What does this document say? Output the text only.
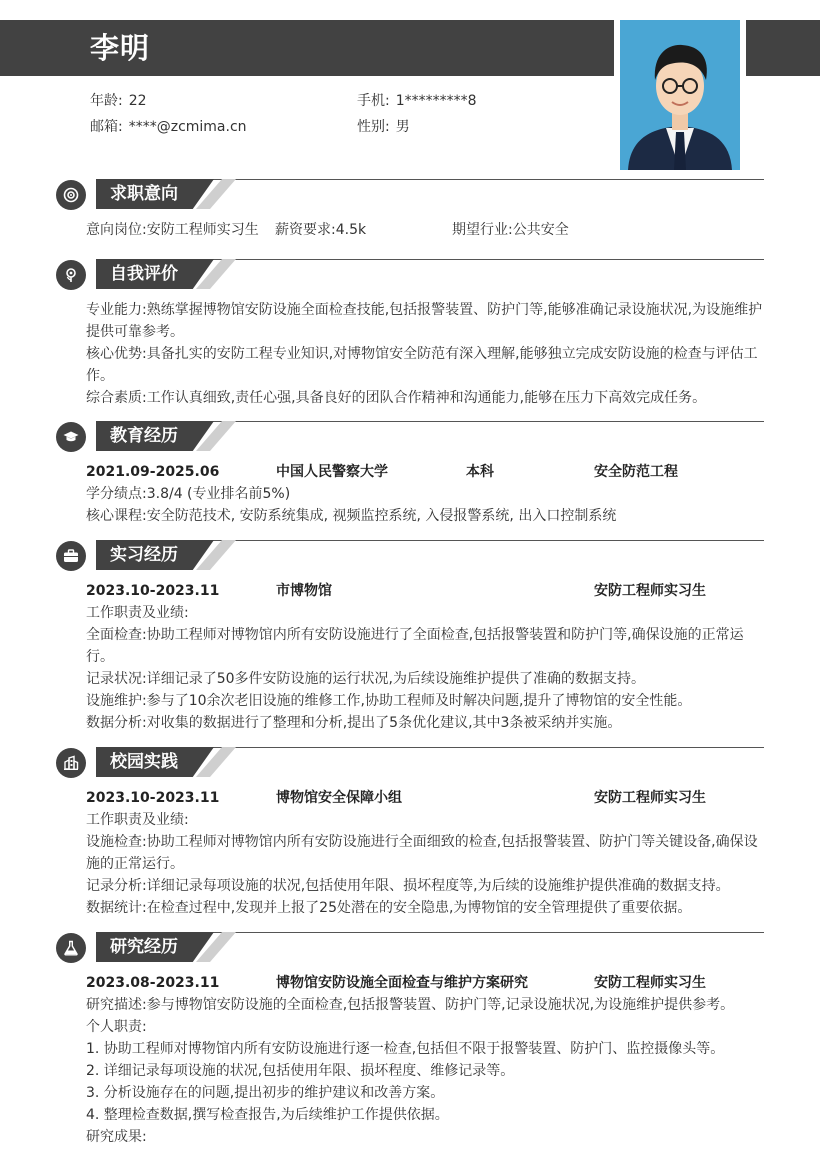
李明
年龄: 22	手机: 1*********8
邮箱: ****@zcmima.cn	性别: 男
求职意向
意向岗位:安防工程师实习生 薪资要求:4.5k	期望行业:公共安全
自我评价

专业能力:熟练掌握博物馆安防设施全面检查技能,包括报警装置、防护门等,能够准确记录设施状况,为设施维护提供可靠参考。

核心优势:具备扎实的安防工程专业知识,对博物馆安全防范有深入理解,能够独立完成安防设施的检查与评估工作。

综合素质:工作认真细致,责任心强,具备良好的团队合作精神和沟通能力,能够在压力下高效完成任务。

教育经历
2021.09-2025.06	中国人民警察大学	本科	安全防范工程

学分绩点:3.8/4 (专业排名前5%)

核心课程:安全防范技术, 安防系统集成, 视频监控系统, 入侵报警系统, 出入口控制系统

实习经历
2023.10-2023.11	市博物馆	安防工程师实习生

工作职责及业绩:

全面检查:协助工程师对博物馆内所有安防设施进行了全面检查,包括报警装置和防护门等,确保设施的正常运行。

记录状况:详细记录了50多件安防设施的运行状况,为后续设施维护提供了准确的数据支持。

设施维护:参与了10余次老旧设施的维修工作,协助工程师及时解决问题,提升了博物馆的安全性能。

数据分析:对收集的数据进行了整理和分析,提出了5条优化建议,其中3条被采纳并实施。

校园实践
2023.10-2023.11	博物馆安全保障小组	安防工程师实习生

工作职责及业绩:

设施检查:协助工程师对博物馆内所有安防设施进行全面细致的检查,包括报警装置、防护门等关键设备,确保设施的正常运行。

记录分析:详细记录每项设施的状况,包括使用年限、损坏程度等,为后续的设施维护提供准确的数据支持。

数据统计:在检查过程中,发现并上报了25处潜在的安全隐患,为博物馆的安全管理提供了重要依据。

研究经历
2023.08-2023.11	博物馆安防设施全面检查与维护方案研究	安防工程师实习生

研究描述:参与博物馆安防设施的全面检查,包括报警装置、防护门等,记录设施状况,为设施维护提供参考。

个人职责:

1. 协助工程师对博物馆内所有安防设施进行逐一检查,包括但不限于报警装置、防护门、监控摄像头等。

2. 详细记录每项设施的状况,包括使用年限、损坏程度、维修记录等。

3. 分析设施存在的问题,提出初步的维护建议和改善方案。

4. 整理检查数据,撰写检查报告,为后续维护工作提供依据。

研究成果:
